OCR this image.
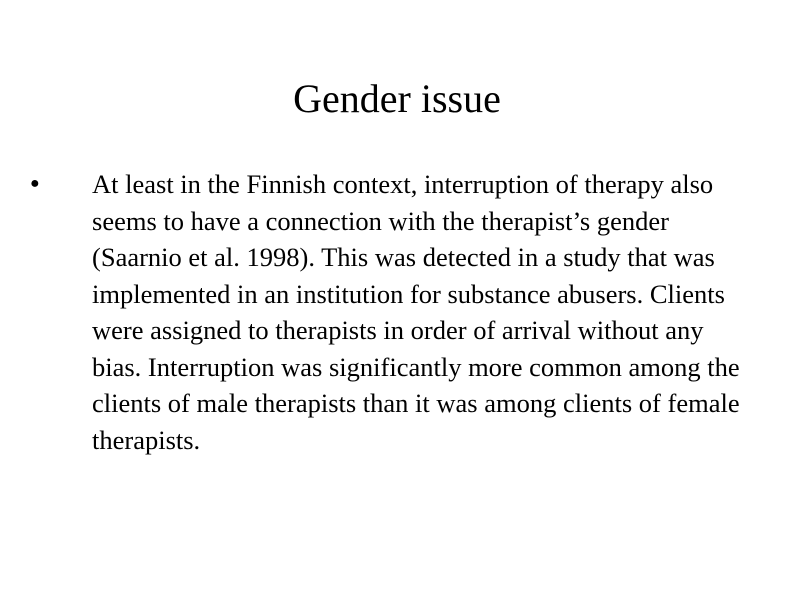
Gender issue
●	At least in the Finnish context, interruption of therapy also seems to have a connection with the therapist’s gender (Saarnio et al. 1998). This was detected in a study that was implemented in an institution for substance abusers. Clients were assigned to therapists in order of arrival without any bias. Interruption was significantly more common among the clients of male therapists than it was among clients of female therapists.
